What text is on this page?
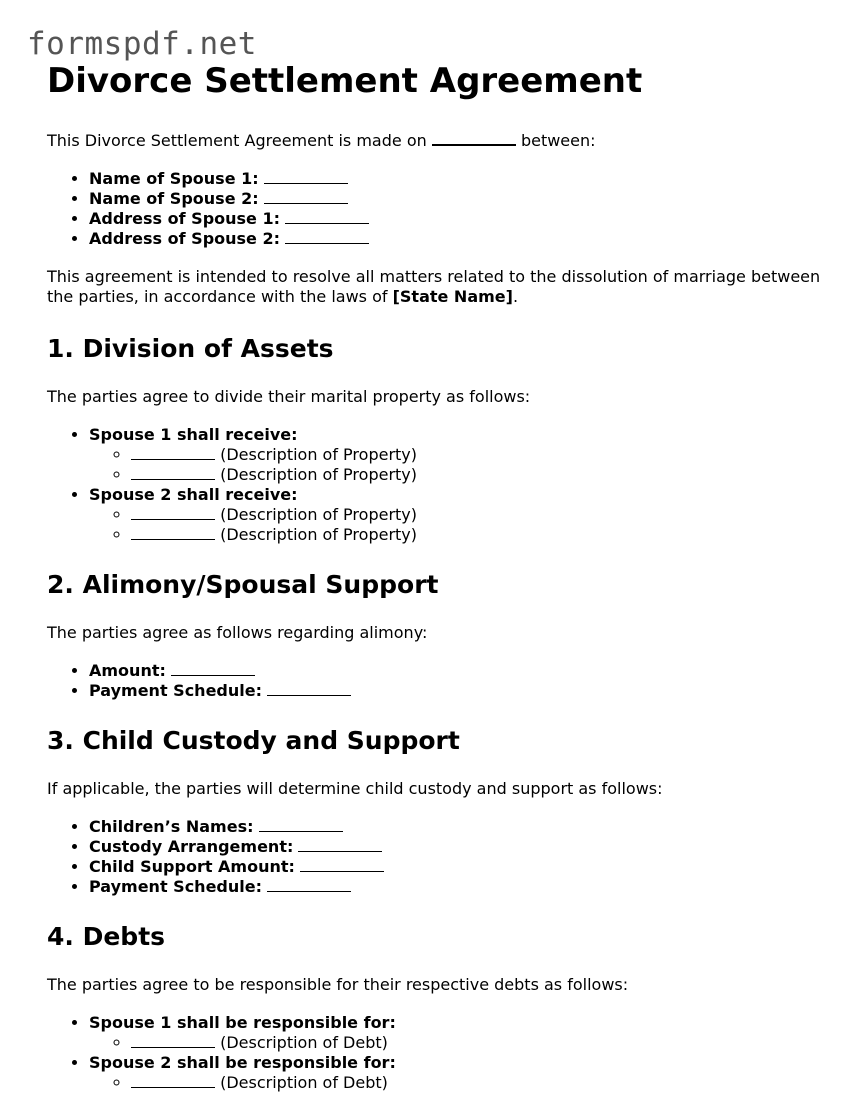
formspdf.net
Divorce Settlement Agreement

This Divorce Settlement Agreement is made on	between:

• Name of Spouse 1:
• Name of Spouse 2:
• Address of Spouse 1:
• Address of Spouse 2:

This agreement is intended to resolve all matters related to the dissolution of marriage between the parties, in accordance with the laws of [State Name].

1. Division of Assets

The parties agree to divide their marital property as follows:

• Spouse 1 shall receive:
◦ (Description of Property)
◦ (Description of Property)
• Spouse 2 shall receive:
◦ (Description of Property)
◦ (Description of Property)
2. Alimony/Spousal Support

The parties agree as follows regarding alimony:

• Amount:
• Payment Schedule:
3. Child Custody and Support

If applicable, the parties will determine child custody and support as follows:

• Children’s Names:
• Custody Arrangement:
• Child Support Amount:
• Payment Schedule:
4. Debts

The parties agree to be responsible for their respective debts as follows:

• Spouse 1 shall be responsible for:
◦ (Description of Debt)
• Spouse 2 shall be responsible for:
◦ (Description of Debt)
